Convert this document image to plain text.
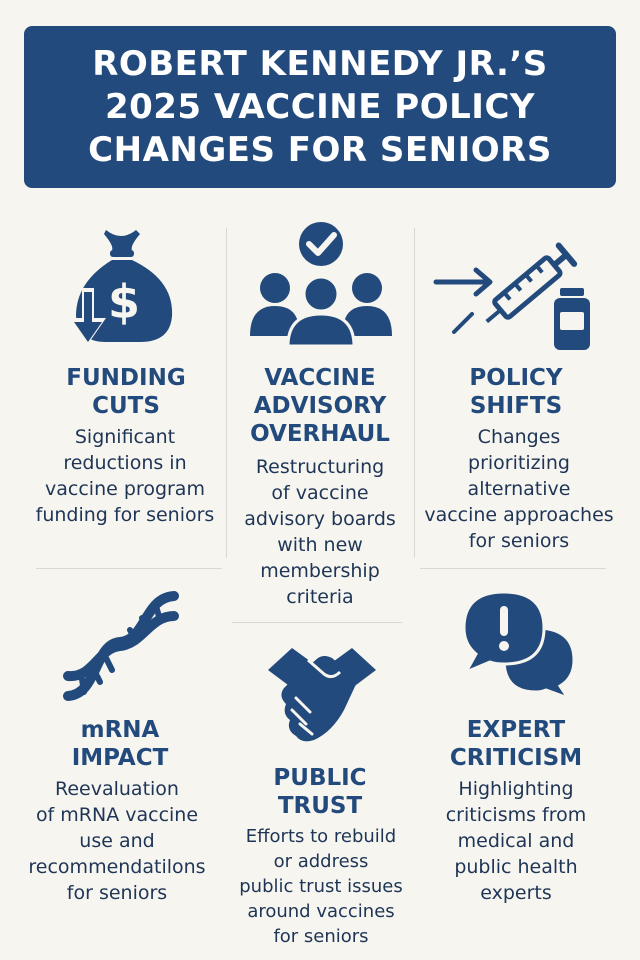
ROBERT KENNEDY JR.’S
2025 VACCINE POLICY
CHANGES FOR SENIORS
$
FUNDING
CUTS
Significant
reductions in
vaccine program
funding for seniors
VACCINE
ADVISORY
OVERHAUL
Restructuring
of vaccine
advisory boards
with new
membership
criteria
POLICY
SHIFTS
Changes
prioritizing
alternative
vaccine approaches
for seniors
mRNA
IMPACT
Reevaluation
of mRNA vaccine
use and
recommendatilons
for seniors
PUBLIC
TRUST
Efforts to rebuild
or address
public trust issues
around vaccines
for seniors
EXPERT
CRITICISM
Highlighting
criticisms from
medical and
public health
experts
